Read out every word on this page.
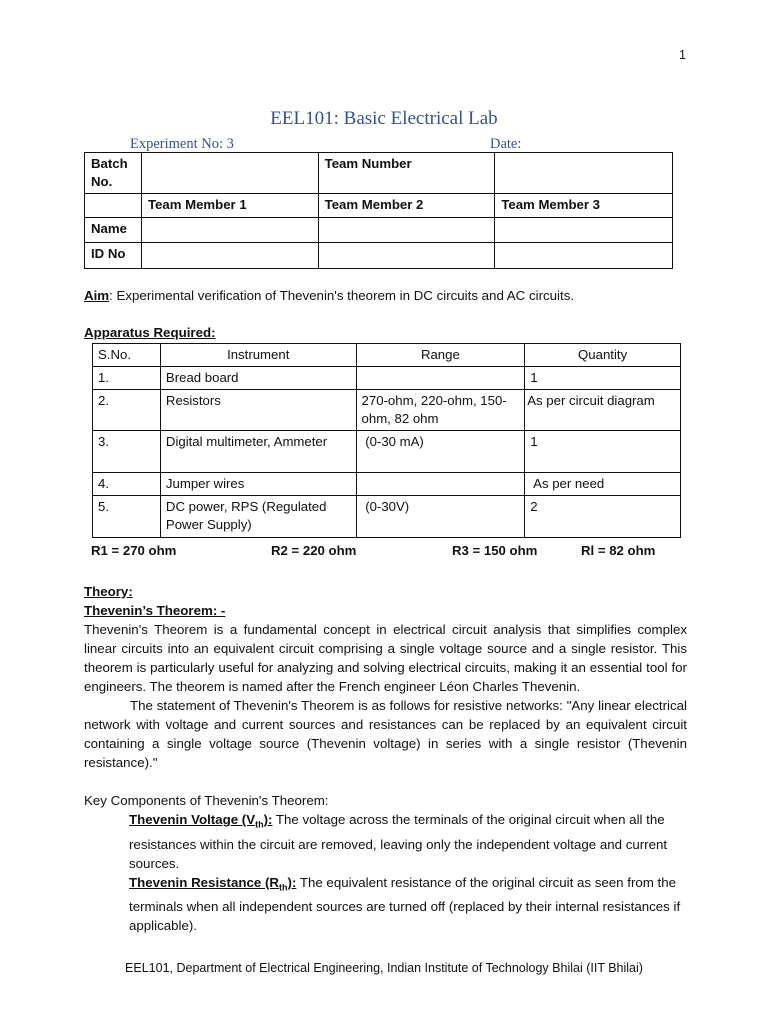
1
EEL101: Basic Electrical Lab
Experiment No: 3	Date:
Batch No.		Team Number	
	Team Member 1	Team Member 2	Team Member 3
Name			
ID No			
Aim: Experimental verification of Thevenin's theorem in DC circuits and AC circuits.
Apparatus Required:
S.No.	Instrument	Range	Quantity
1.	Bread board		1
2.	Resistors	270-ohm, 220-ohm, 150-ohm, 82 ohm	As per circuit diagram
3.	Digital multimeter, Ammeter	(0-30 mA)	1
4.	Jumper wires		As per need
5.	DC power, RPS (Regulated Power Supply)	(0-30V)	2
R1 = 270 ohm	R2 = 220 ohm	R3 = 150 ohm	Rl = 82 ohm
Theory:
Thevenin’s Theorem: -

Thevenin's Theorem is a fundamental concept in electrical circuit analysis that simplifies complex linear circuits into an equivalent circuit comprising a single voltage source and a single resistor. This theorem is particularly useful for analyzing and solving electrical circuits, making it an essential tool for engineers. The theorem is named after the French engineer Léon Charles Thevenin.

The statement of Thevenin's Theorem is as follows for resistive networks: "Any linear electrical network with voltage and current sources and resistances can be replaced by an equivalent circuit containing a single voltage source (Thevenin voltage) in series with a single resistor (Thevenin resistance)."

Key Components of Thevenin's Theorem:
Thevenin Voltage $(V_{th})$: The voltage across the terminals of the original circuit when all the resistances within the circuit are removed, leaving only the independent voltage and current sources.
Thevenin Resistance $(R_{th})$: The equivalent resistance of the original circuit as seen from the terminals when all independent sources are turned off (replaced by their internal resistances if applicable).
EEL101, Department of Electrical Engineering, Indian Institute of Technology Bhilai (IIT Bhilai)
